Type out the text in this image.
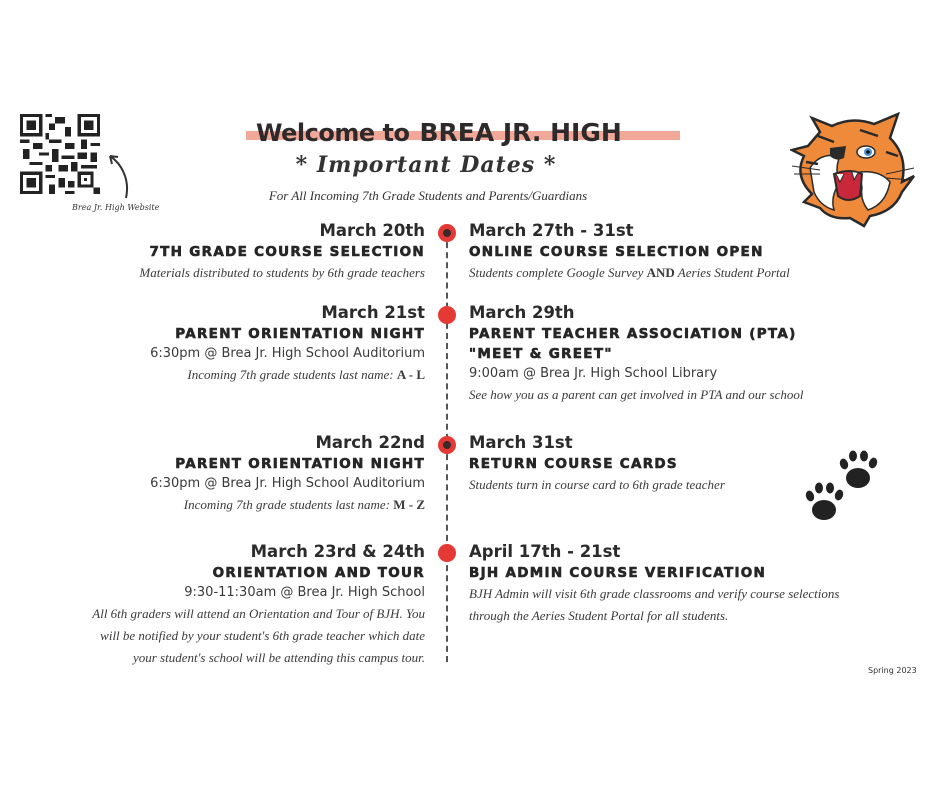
Brea Jr. High Website
Welcome to BREA JR. HIGH
* Important Dates *
For All Incoming 7th Grade Students and Parents/Guardians
March 20th
7TH GRADE COURSE SELECTION
Materials distributed to students by 6th grade teachers
March 21st
PARENT ORIENTATION NIGHT
6:30pm @ Brea Jr. High School Auditorium
Incoming 7th grade students last name: A - L
March 22nd
PARENT ORIENTATION NIGHT
6:30pm @ Brea Jr. High School Auditorium
Incoming 7th grade students last name: M - Z
March 23rd & 24th
ORIENTATION AND TOUR
9:30-11:30am @ Brea Jr. High School
All 6th graders will attend an Orientation and Tour of BJH. You
will be notified by your student's 6th grade teacher which date
your student's school will be attending this campus tour.
March 27th - 31st
ONLINE COURSE SELECTION OPEN
Students complete Google Survey AND Aeries Student Portal
March 29th
PARENT TEACHER ASSOCIATION (PTA)
"MEET & GREET"
9:00am @ Brea Jr. High School Library
See how you as a parent can get involved in PTA and our school
March 31st
RETURN COURSE CARDS
Students turn in course card to 6th grade teacher
April 17th - 21st
BJH ADMIN COURSE VERIFICATION
BJH Admin will visit 6th grade classrooms and verify course selections
through the Aeries Student Portal for all students.
Spring 2023
